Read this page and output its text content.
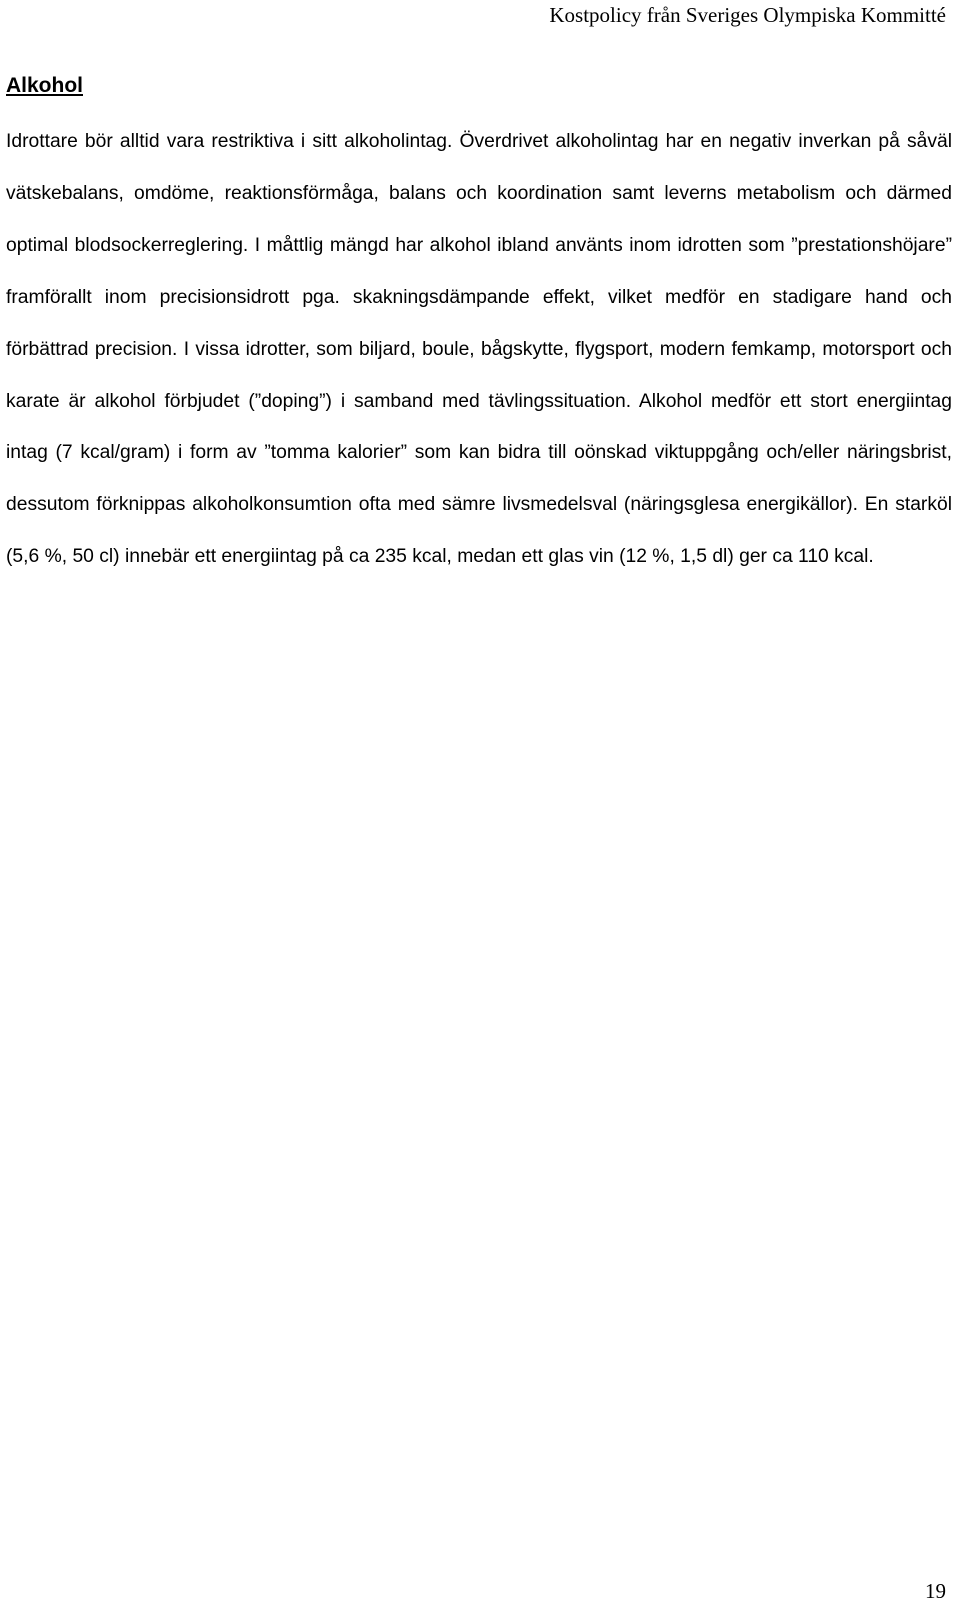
Kostpolicy från Sveriges Olympiska Kommitté
Alkohol

Idrottare bör alltid vara restriktiva i sitt alkoholintag. Överdrivet alkoholintag har en negativ inverkan på såväl vätskebalans, omdöme, reaktionsförmåga, balans och koordination samt leverns metabolism och därmed optimal blodsockerreglering. I måttlig mängd har alkohol ibland använts inom idrotten som ”prestationshöjare” framförallt inom precisionsidrott pga. skakningsdämpande effekt, vilket medför en stadigare hand och förbättrad precision. I vissa idrotter, som biljard, boule, bågskytte, flygsport, modern femkamp, motorsport och karate är alkohol förbjudet (”doping”) i samband med tävlingssituation. Alkohol medför ett stort energiintag intag (7 kcal/gram) i form av ”tomma kalorier” som kan bidra till oönskad viktuppgång och/eller näringsbrist, dessutom förknippas alkoholkonsumtion ofta med sämre livsmedelsval (näringsglesa energikällor). En starköl (5,6 %, 50 cl) innebär ett energiintag på ca 235 kcal, medan ett glas vin (12 %, 1,5 dl) ger ca 110 kcal.

19
